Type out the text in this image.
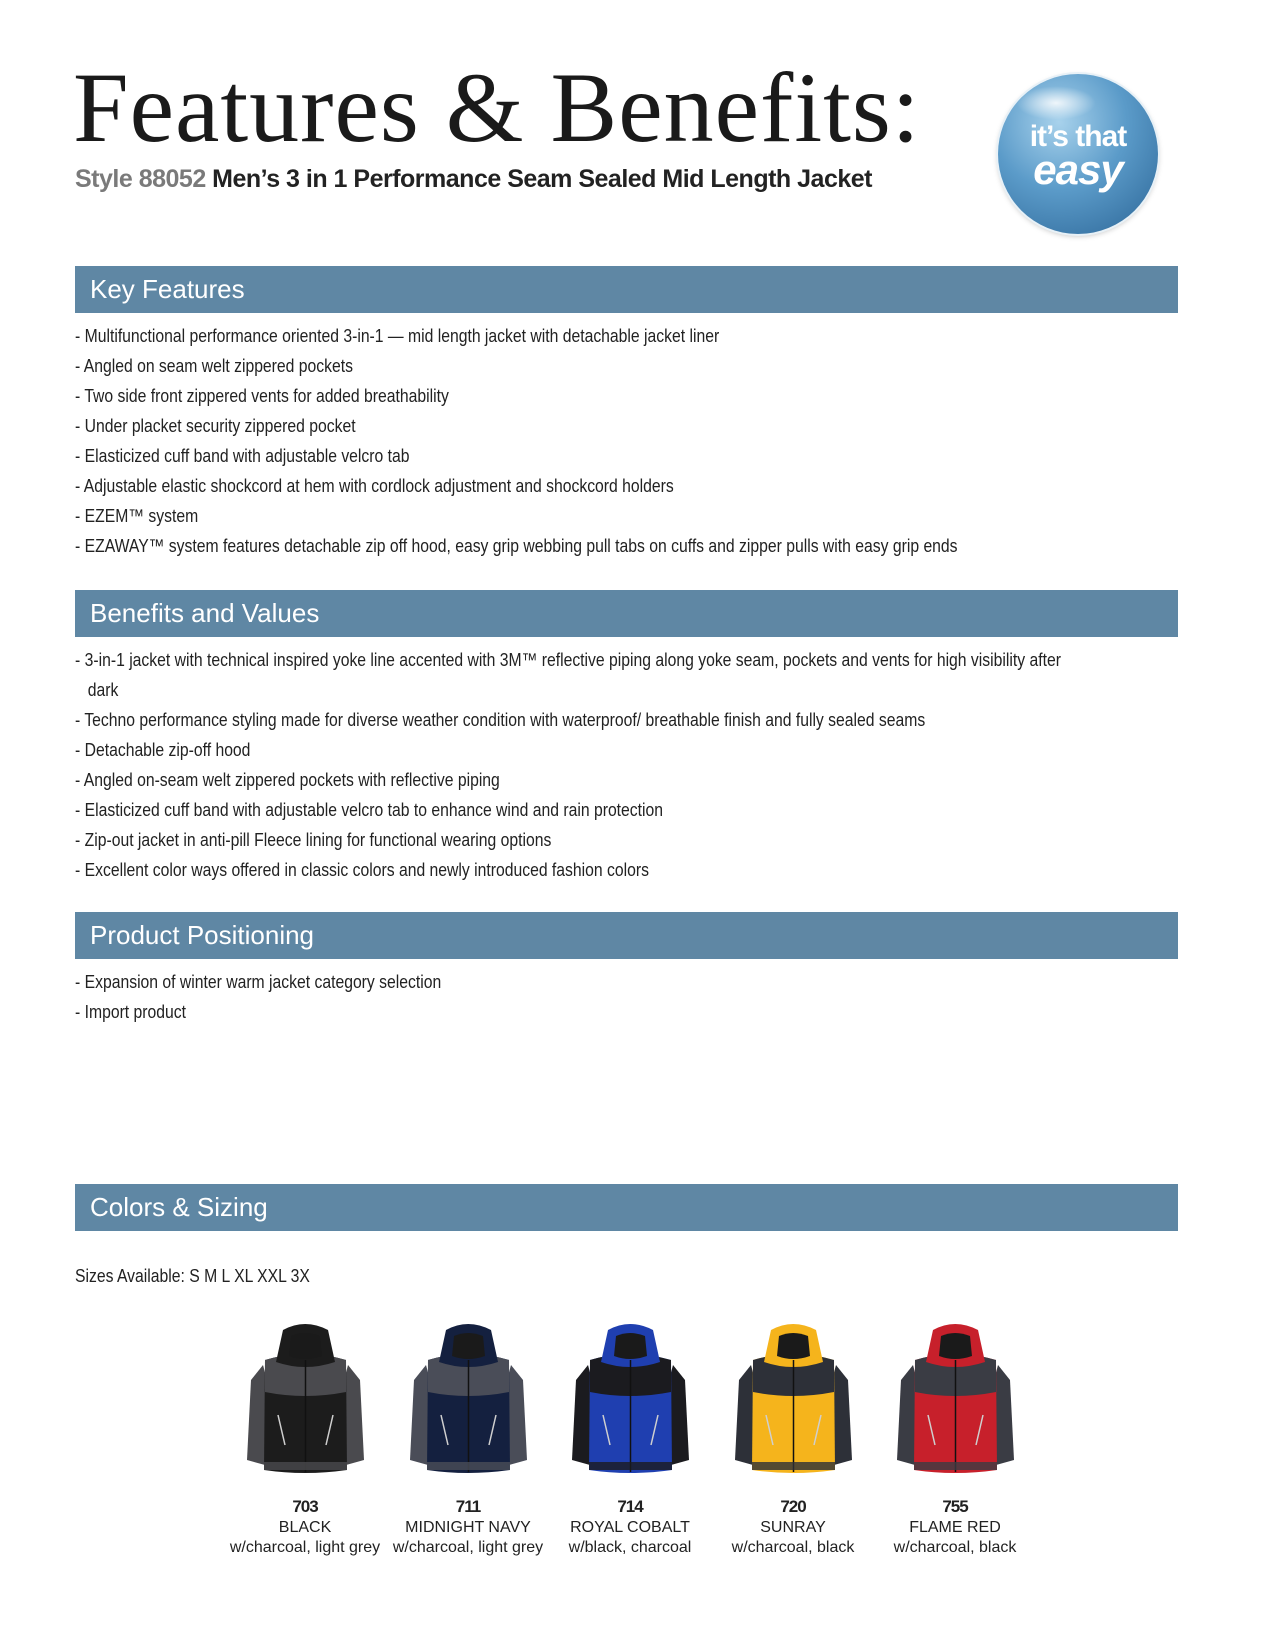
Features & Benefits:
Style 88052 Men’s 3 in 1 Performance Seam Sealed Mid Length Jacket
it’s that
easy
Key Features
- Multifunctional performance oriented 3-in-1 — mid length jacket with detachable jacket liner
- Angled on seam welt zippered pockets
- Two side front zippered vents for added breathability
- Under placket security zippered pocket
- Elasticized cuff band with adjustable velcro tab
- Adjustable elastic shockcord at hem with cordlock adjustment and shockcord holders
- EZEM™ system
- EZAWAY™ system features detachable zip off hood, easy grip webbing pull tabs on cuffs and zipper pulls with easy grip ends
Benefits and Values
- 3-in-1 jacket with technical inspired yoke line accented with 3M™ reflective piping along yoke seam, pockets and vents for high visibility after dark
- Techno performance styling made for diverse weather condition with waterproof/ breathable finish and fully sealed seams
- Detachable zip-off hood
- Angled on-seam welt zippered pockets with reflective piping
- Elasticized cuff band with adjustable velcro tab to enhance wind and rain protection
- Zip-out jacket in anti-pill Fleece lining for functional wearing options
- Excellent color ways offered in classic colors and newly introduced fashion colors
Product Positioning
- Expansion of winter warm jacket category selection
- Import product
Colors & Sizing
Sizes Available: S M L XL XXL 3X
703
BLACK
w/charcoal, light grey
711
MIDNIGHT NAVY
w/charcoal, light grey
714
ROYAL COBALT
w/black, charcoal
720
SUNRAY
w/charcoal, black
755
FLAME RED
w/charcoal, black
